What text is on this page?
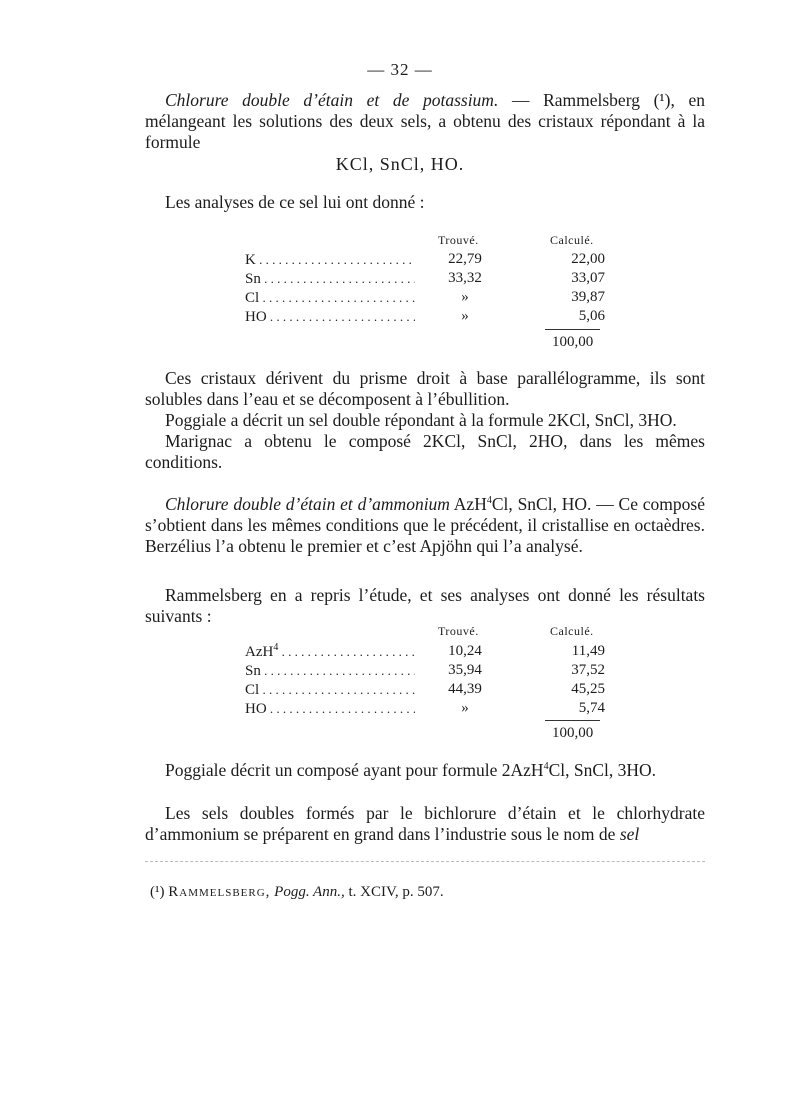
— 32 —
Chlorure double d’étain et de potassium. — Rammelsberg (¹), en mélangeant les solutions des deux sels, a obtenu des cristaux répondant à la formule
KCl, SnCl, HO.
Les analyses de ce sel lui ont donné :
Trouvé.	Calculé.
K . . .	22,79	22,00
Sn . . .	33,32	33,07
Cl . . .	»	39,87
HO . . .	»	5,06
100,00
Ces cristaux dérivent du prisme droit à base parallélogramme, ils sont solubles dans l’eau et se décomposent à l’ébullition.
Poggiale a décrit un sel double répondant à la formule 2KCl, SnCl, 3HO.
Marignac a obtenu le composé 2KCl, SnCl, 2HO, dans les mêmes conditions.
Chlorure double d’étain et d’ammonium AzH$^4$Cl, SnCl, HO. — Ce composé s’obtient dans les mêmes conditions que le précédent, il cristallise en octaèdres. Berzélius l’a obtenu le premier et c’est Apjöhn qui l’a analysé.
Rammelsberg en a repris l’étude, et ses analyses ont donné les résultats suivants :
Trouvé.	Calculé.
AzH$^4$ . . .	10,24	11,49
Sn . . .	35,94	37,52
Cl . . .	44,39	45,25
HO . . .	»	5,74
100,00
Poggiale décrit un composé ayant pour formule 2AzH$^4$Cl, SnCl, 3HO.
Les sels doubles formés par le bichlorure d’étain et le chlorhydrate d’ammonium se préparent en grand dans l’industrie sous le nom de sel
(¹) Rammelsberg, Pogg. Ann., t. XCIV, p. 507.
